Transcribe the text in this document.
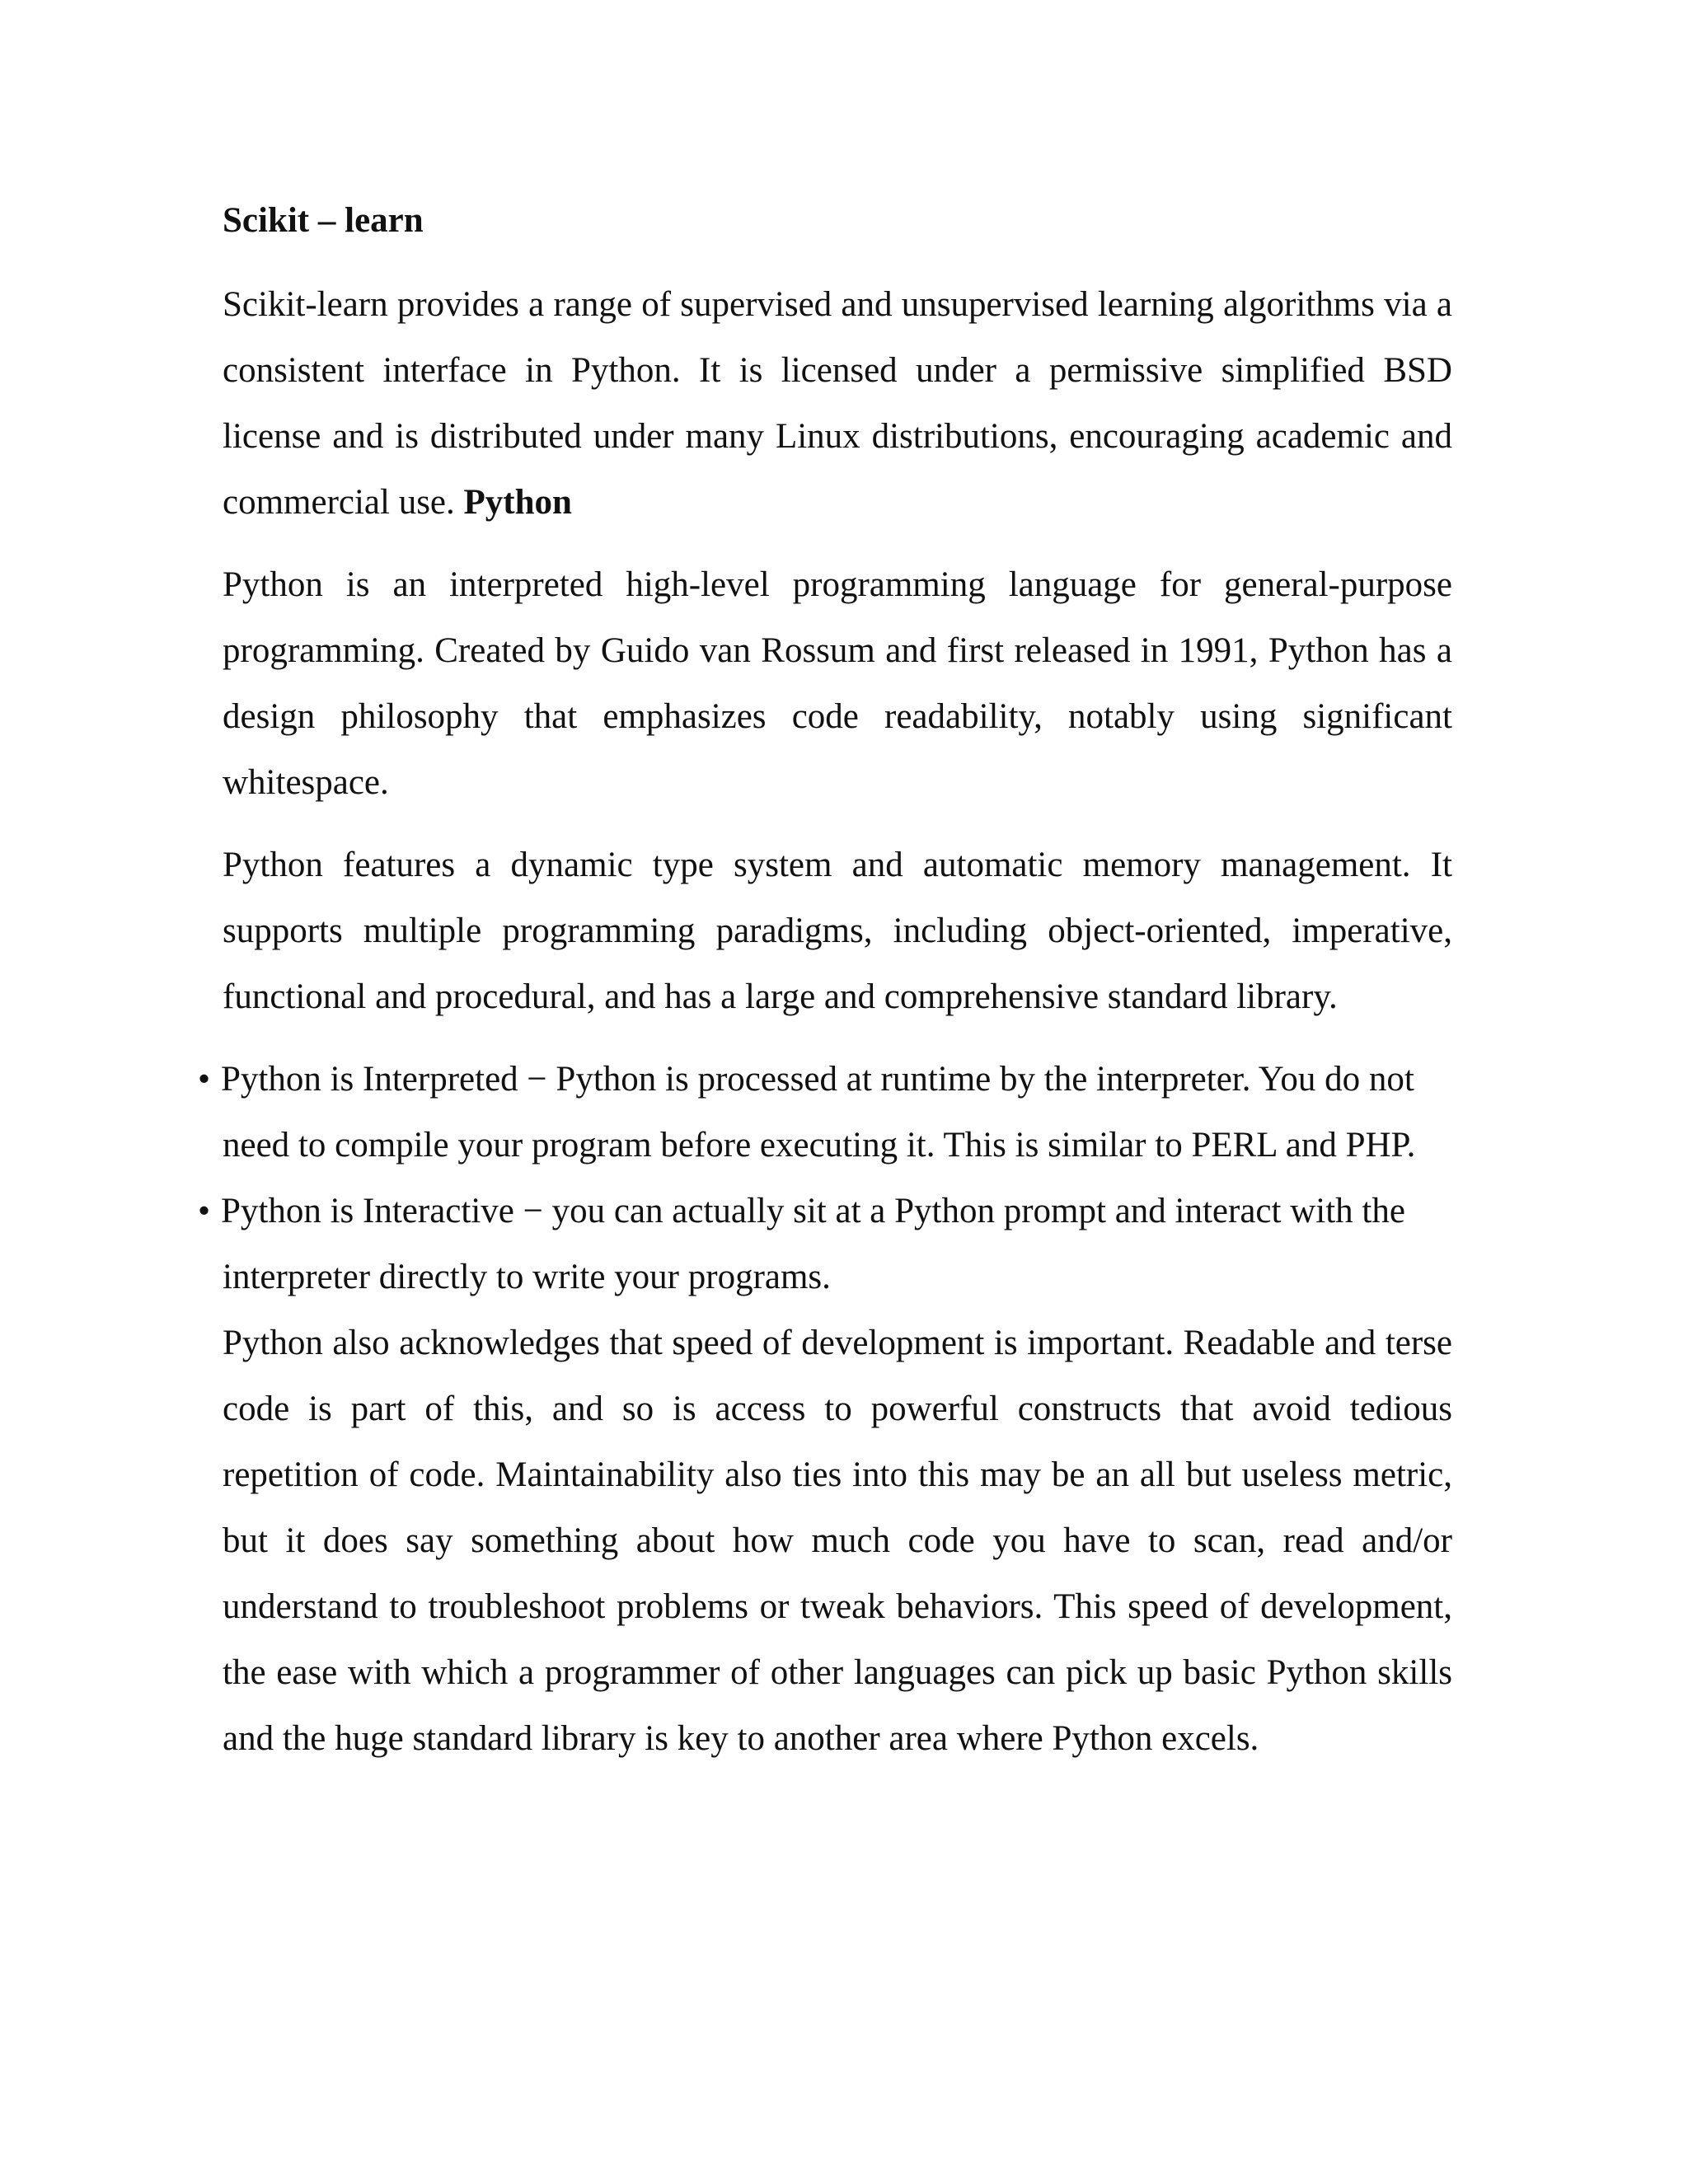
Scikit – learn

Scikit-learn provides a range of supervised and unsupervised learning algorithms via a consistent interface in Python. It is licensed under a permissive simplified BSD license and is distributed under many Linux distributions, encouraging academic and commercial use. Python

Python is an interpreted high-level programming language for general-purpose programming. Created by Guido van Rossum and first released in 1991, Python has a design philosophy that emphasizes code readability, notably using significant whitespace.

Python features a dynamic type system and automatic memory management. It supports multiple programming paradigms, including object-oriented, imperative, functional and procedural, and has a large and comprehensive standard library.

• Python is Interpreted − Python is processed at runtime by the interpreter. You do not need to compile your program before executing it. This is similar to PERL and PHP.
• Python is Interactive − you can actually sit at a Python prompt and interact with the interpreter directly to write your programs.

Python also acknowledges that speed of development is important. Readable and terse code is part of this, and so is access to powerful constructs that avoid tedious repetition of code. Maintainability also ties into this may be an all but useless metric, but it does say something about how much code you have to scan, read and/or understand to troubleshoot problems or tweak behaviors. This speed of development, the ease with which a programmer of other languages can pick up basic Python skills and the huge standard library is key to another area where Python excels.
